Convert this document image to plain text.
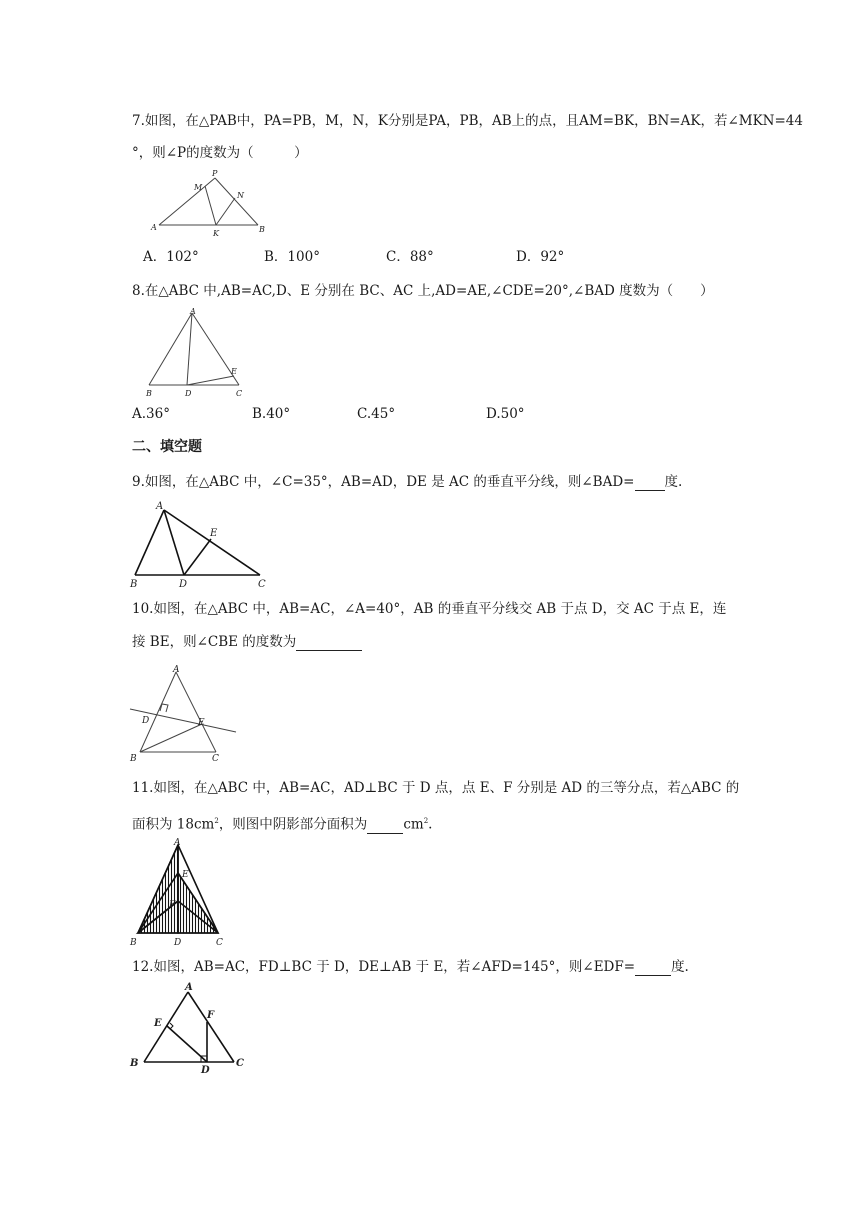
7.如图，在△PAB中，PA=PB，M，N，K分别是PA，PB，AB上的点，且AM=BK，BN=AK，若∠MKN=44
°，则∠P的度数为（　　　）
P
M
N
A
K	B
A．102°	B．100°	C．88°	D．92°
8.在△ABC 中,AB=AC,D、E 分别在 BC、AC 上,AD=AE,∠CDE=20°,∠BAD 度数为（　　）
A
B	D
E
C
A.36°	B.40°	C.45°	D.50°
二、填空题
9.如图，在△ABC 中，∠C=35°，AB=AD，DE 是 AC 的垂直平分线，则∠BAD= 度.
A
E
B	D	C
10.如图，在△ABC 中，AB=AC，∠A=40°，AB 的垂直平分线交 AB 于点 D，交 AC 于点 E，连
接 BE，则∠CBE 的度数为
A
D	E
B	C
11.如图，在△ABC 中，AB=AC，AD⊥BC 于 D 点，点 E、F 分别是 AD 的三等分点，若△ABC 的
面积为 $18cm^2$，则图中阴影部分面积为	$cm^2$.
A
E
F
B	D	C
12.如图，AB=AC，FD⊥BC 于 D，DE⊥AB 于 E，若∠AFD=145°，则∠EDF=	度.
A
E
F
B
D
C
